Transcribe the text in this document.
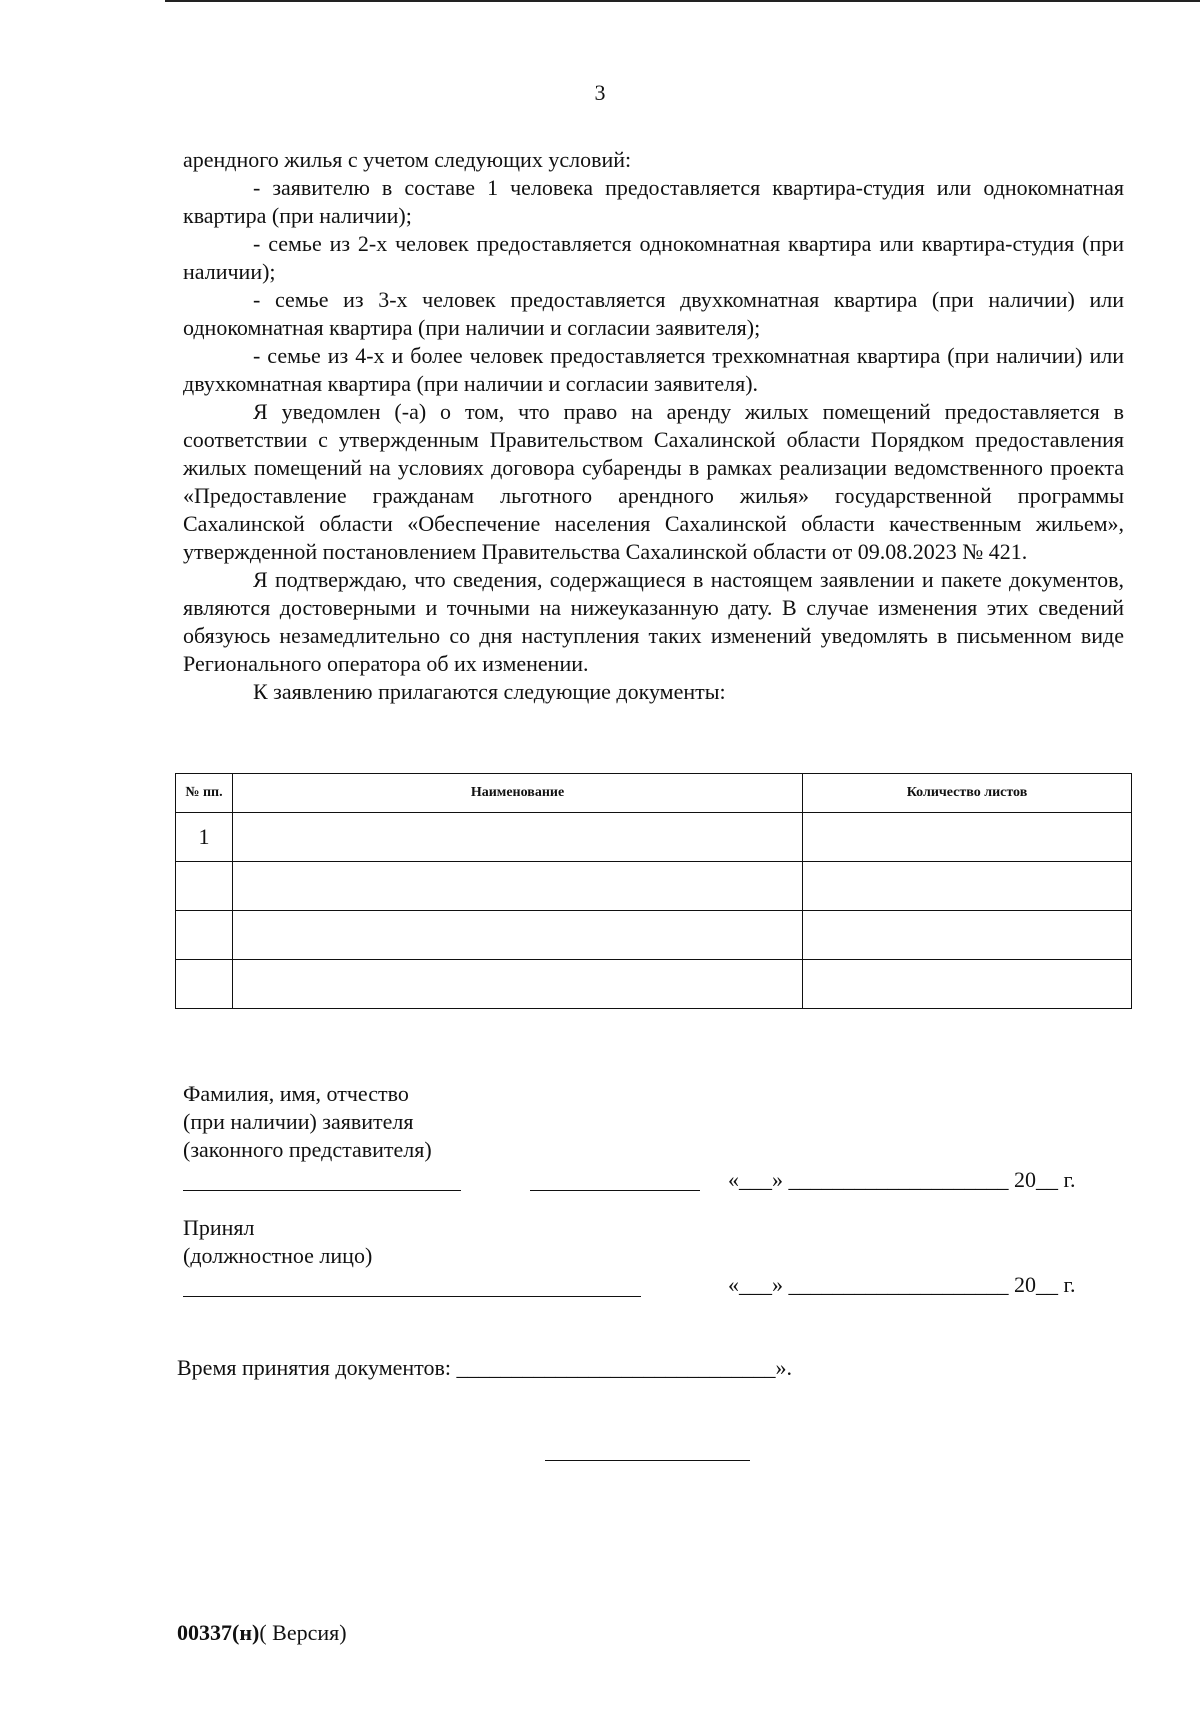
3

арендного жилья с учетом следующих условий:

- заявителю в составе 1 человека предоставляется квартира-студия или однокомнатная квартира (при наличии);

- семье из 2-х человек предоставляется однокомнатная квартира или квартира-студия (при наличии);

- семье из 3-х человек предоставляется двухкомнатная квартира (при наличии) или однокомнатная квартира (при наличии и согласии заявителя);

- семье из 4-х и более человек предоставляется трехкомнатная квартира (при наличии) или двухкомнатная квартира (при наличии и согласии заявителя).

Я уведомлен (-а) о том, что право на аренду жилых помещений предоставляется в соответствии с утвержденным Правительством Сахалинской области Порядком предоставления жилых помещений на условиях договора субаренды в рамках реализации ведомственного проекта «Предоставление гражданам льготного арендного жилья» государственной программы Сахалинской области «Обеспечение населения Сахалинской области качественным жильем», утвержденной постановлением Правительства Сахалинской области от 09.08.2023 № 421.

Я подтверждаю, что сведения, содержащиеся в настоящем заявлении и пакете документов, являются достоверными и точными на нижеуказанную дату. В случае изменения этих сведений обязуюсь незамедлительно со дня наступления таких изменений уведомлять в письменном виде Регионального оператора об их изменении.

К заявлению прилагаются следующие документы:

№ пп.	Наименование	Количество листов
1		

Фамилия, имя, отчество
(при наличии) заявителя
(законного представителя)
«___» ____________________ 20__ г.
Принял
(должностное лицо)
«___» ____________________ 20__ г.
Время принятия документов: _____________________________».
00337(н)( Версия)
